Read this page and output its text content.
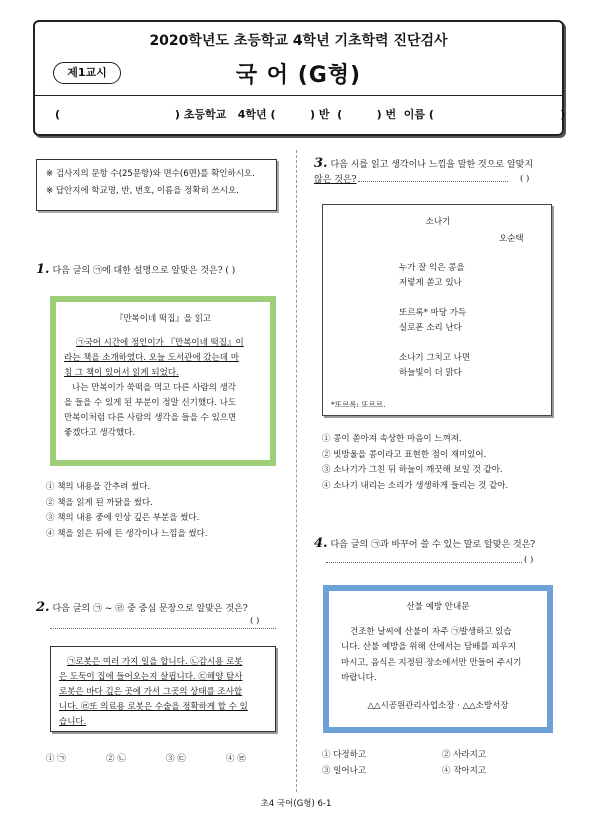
2020학년도 초등학교 4학년 기초학력 진단검사
제1교시	국 어 (G형)
(                              ) 초등학교   4학년 (         ) 반  (         ) 번  이름 (                                 )
※ 검사지의 문항 수(25문항)와 면수(6면)를 확인하시오.
※ 답안지에 학교명, 반, 번호, 이름을 정확히 쓰시오.
1. 다음 글의 ㉠에 대한 설명으로 알맞은 것은? ( )
『만복이네 떡집』을 읽고
㉠국어 시간에 정인이가 『만복이네 떡집』이
라는 책을 소개하였다. 오늘 도서관에 갔는데 마
침 그 책이 있어서 읽게 되었다.
나는 만복이가 쑥떡을 먹고 다른 사람의 생각
을 들을 수 있게 된 부분이 정말 신기했다. 나도
만복이처럼 다른 사람의 생각을 들을 수 있으면
좋겠다고 생각했다.
① 책의 내용을 간추려 썼다.
② 책을 읽게 된 까닭을 썼다.
③ 책의 내용 중에 인상 깊은 부분을 썼다.
④ 책을 읽은 뒤에 든 생각이나 느낌을 썼다.
2. 다음 글의 ㉠ ~ ㉣ 중 중심 문장으로 알맞은 것은?
( )
㉠로봇은 여러 가지 일을 합니다. ㉡감시용 로봇
은 도둑이 집에 들어오는지 살핍니다. ㉢해양 탐사
로봇은 바다 깊은 곳에 가서 그곳의 상태를 조사합
니다. ㉣또 의료용 로봇은 수술을 정확하게 할 수 있
습니다.
① ㉠	② ㉡	③ ㉢	④ ㉣
3. 다음 시를 읽고 생각이나 느낌을 말한 것으로 알맞지
않은 것은?	( )
소나기
오순택
누가 잘 익은 콩을
저렇게 쏟고 있나
또르록* 마당 가득
실로폰 소리 난다
소나기 그치고 나면
하늘빛이 더 맑다
*또르록: 또르르.
① 콩이 쏟아져 속상한 마음이 느껴져.
② 빗방울을 콩이라고 표현한 점이 재미있어.
③ 소나기가 그친 뒤 하늘이 깨끗해 보일 것 같아.
④ 소나기 내리는 소리가 생생하게 들리는 것 같아.
4. 다음 글의 ㉠과 바꾸어 쓸 수 있는 말로 알맞은 것은?
( )
산불 예방 안내문
건조한 날씨에 산불이 자주 ㉠발생하고 있습
니다. 산불 예방을 위해 산에서는 담배를 피우지
마시고, 음식은 지정된 장소에서만 만들어 주시기
바랍니다.
△△시공원관리사업소장 · △△소방서장
① 다정하고	② 사라지고
③ 일어나고	④ 작아지고
초4 국어(G형) 6-1
